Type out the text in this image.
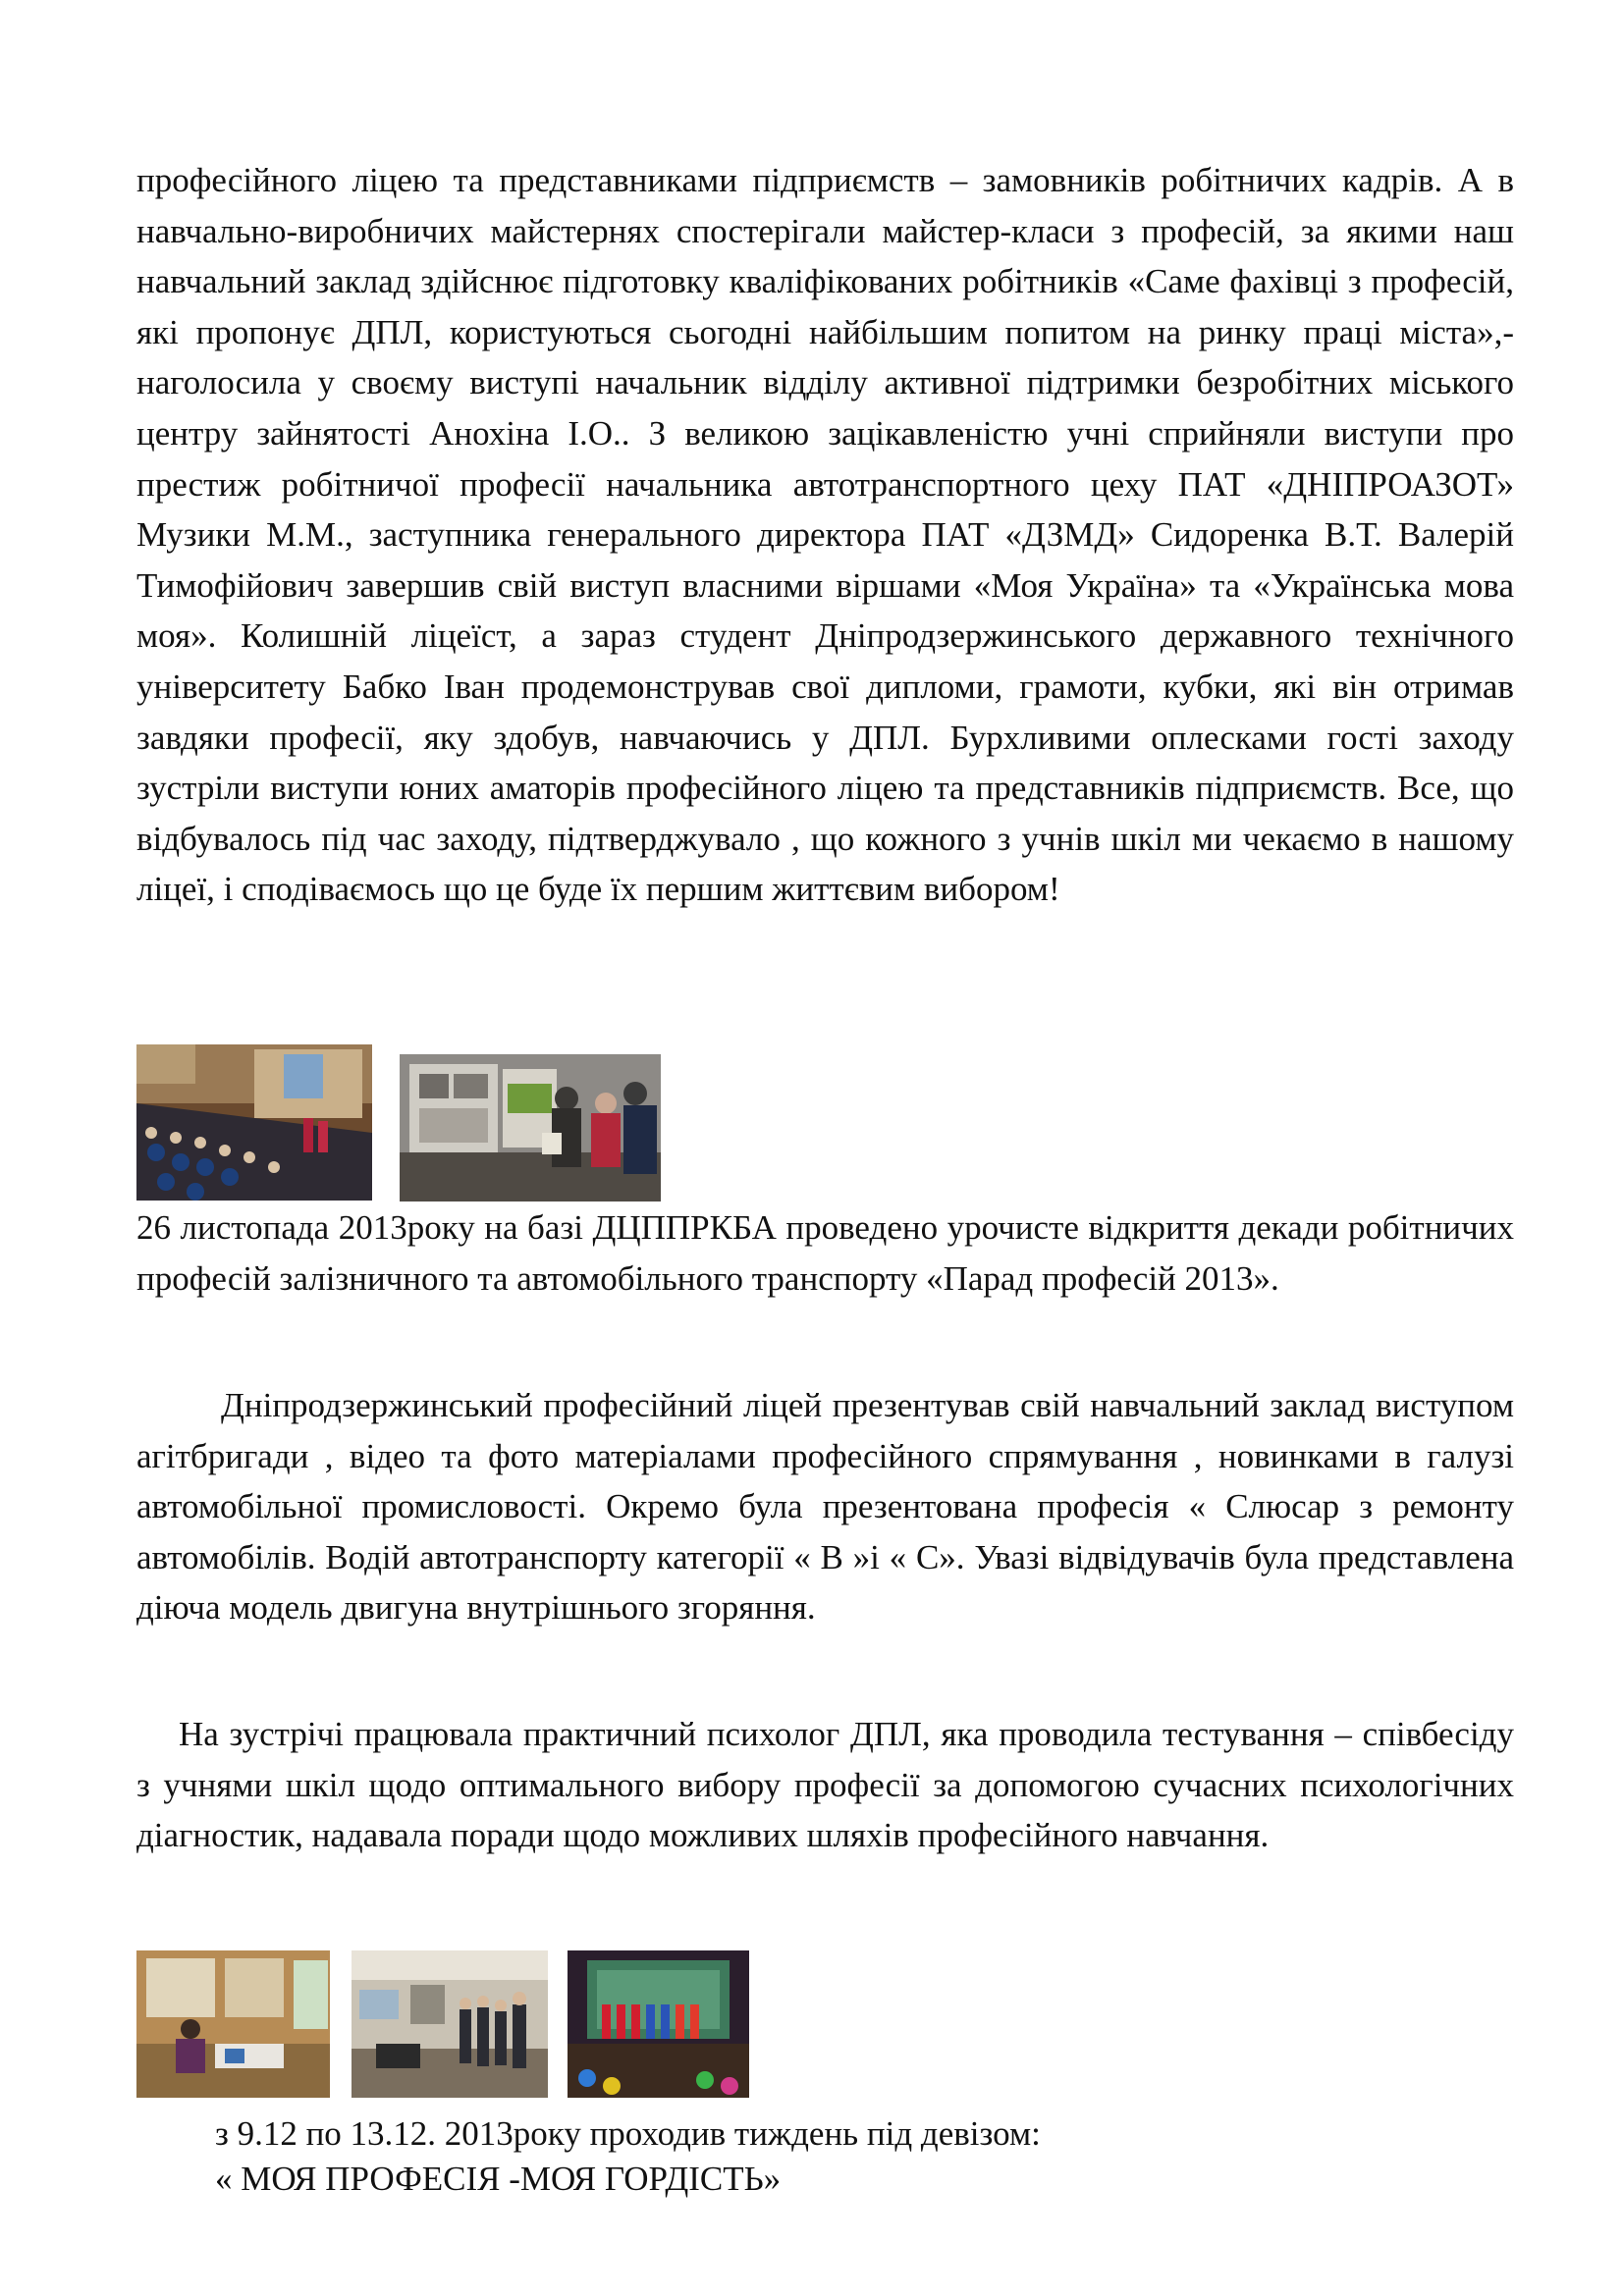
професійного ліцею та представниками підприємств – замовників робітничих кадрів. А в навчально-виробничих майстернях спостерігали майстер-класи з професій, за якими наш навчальний заклад здійснює підготовку кваліфікованих робітників «Саме фахівці з професій, які пропонує ДПЛ, користуються сьогодні найбільшим попитом на ринку праці міста»,- наголосила у своєму виступі начальник відділу активної підтримки безробітних міського центру зайнятості Анохіна І.О.. З великою зацікавленістю учні сприйняли виступи про престиж робітничої професії начальника автотранспортного цеху ПАТ «ДНІПРОАЗОТ» Музики М.М., заступника генерального директора ПАТ «ДЗМД» Сидоренка В.Т. Валерій Тимофійович завершив свій виступ власними віршами «Моя Україна» та «Українська мова моя». Колишній ліцеїст, а зараз студент Дніпродзержинського державного технічного університету Бабко Іван продемонстрував свої дипломи, грамоти, кубки, які він отримав завдяки професії, яку здобув, навчаючись у ДПЛ. Бурхливими оплесками гості заходу зустріли виступи юних аматорів професійного ліцею та представників підприємств. Все, що відбувалось під час заходу, підтверджувало , що кожного з учнів шкіл ми чекаємо в нашому ліцеї, і сподіваємось що це буде їх першим життєвим вибором!

26 листопада 2013року на базі ДЦППРКБА проведено урочисте відкриття декади робітничих професій залізничного та автомобільного транспорту «Парад професій 2013».

Дніпродзержинський професійний ліцей презентував свій навчальний заклад виступом агітбригади , відео та фото матеріалами професійного спрямування , новинками в галузі автомобільної промисловості. Окремо була презентована професія « Слюсар з ремонту автомобілів. Водій автотранспорту категорії « В »і « С». Увазі відвідувачів була представлена діюча модель двигуна внутрішнього згоряння.

На зустрічі працювала практичний психолог ДПЛ, яка проводила тестування – співбесіду з учнями шкіл щодо оптимального вибору професії за допомогою сучасних психологічних діагностик, надавала поради щодо можливих шляхів професійного навчання.

з 9.12 по 13.12. 2013року проходив тиждень під девізом:
« МОЯ ПРОФЕСІЯ -МОЯ ГОРДІСТЬ»
